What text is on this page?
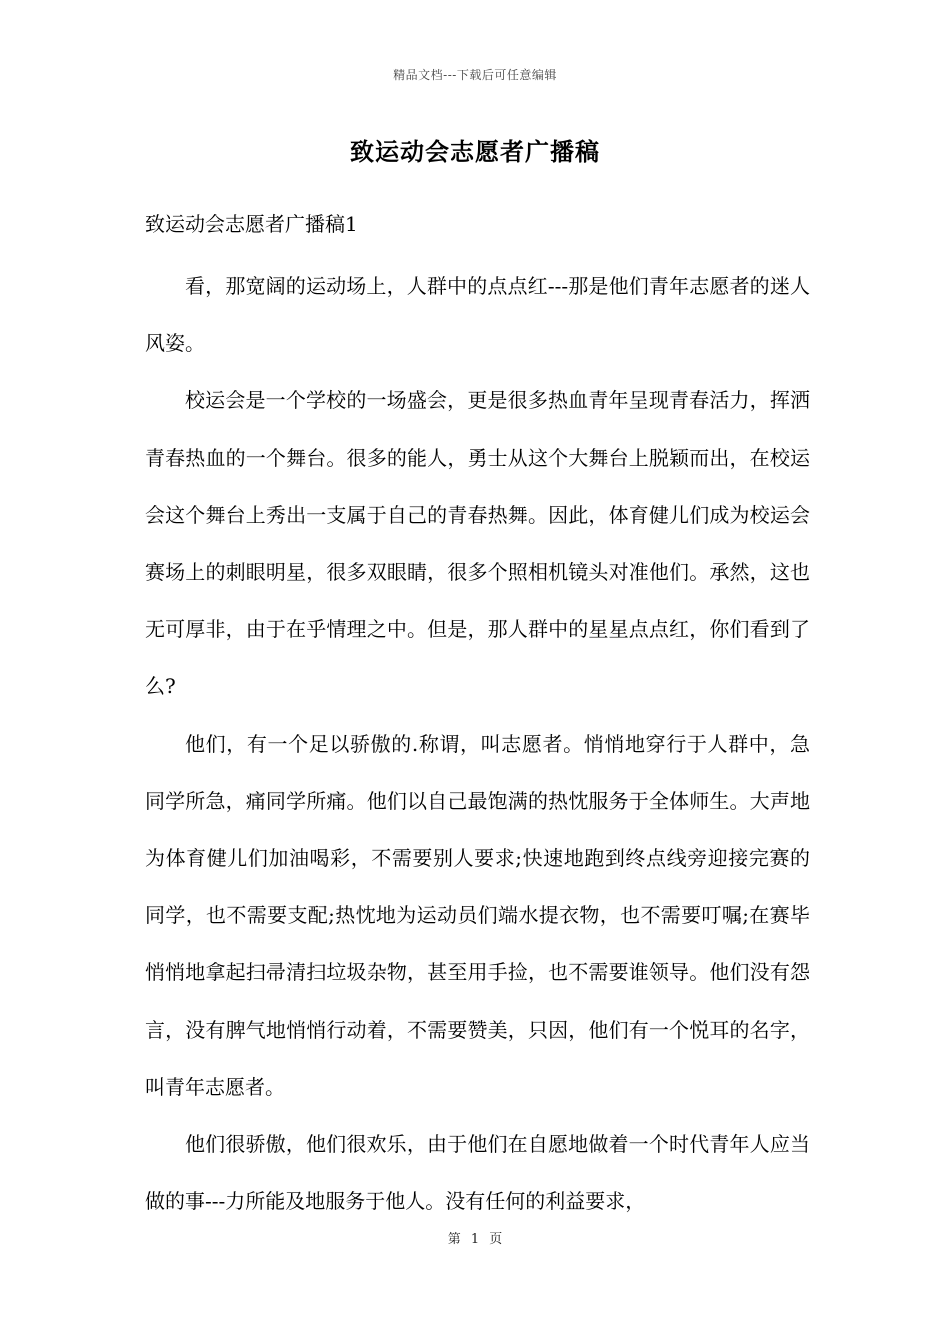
精品文档---下载后可任意编辑
致运动会志愿者广播稿
致运动会志愿者广播稿1

看，那宽阔的运动场上，人群中的点点红---那是他们青年志愿者的迷人风姿。

校运会是一个学校的一场盛会，更是很多热血青年呈现青春活力，挥洒青春热血的一个舞台。很多的能人，勇士从这个大舞台上脱颖而出，在校运会这个舞台上秀出一支属于自己的青春热舞。因此，体育健儿们成为校运会赛场上的刺眼明星，很多双眼睛，很多个照相机镜头对准他们。承然，这也无可厚非，由于在乎情理之中。但是，那人群中的星星点点红，你们看到了么?

他们，有一个足以骄傲的.称谓，叫志愿者。悄悄地穿行于人群中，急同学所急，痛同学所痛。他们以自己最饱满的热忱服务于全体师生。大声地为体育健儿们加油喝彩，不需要别人要求;快速地跑到终点线旁迎接完赛的同学，也不需要支配;热忱地为运动员们端水提衣物，也不需要叮嘱;在赛毕悄悄地拿起扫帚清扫垃圾杂物，甚至用手捡，也不需要谁领导。他们没有怨言，没有脾气地悄悄行动着，不需要赞美，只因，他们有一个悦耳的名字，叫青年志愿者。

他们很骄傲，他们很欢乐，由于他们在自愿地做着一个时代青年人应当做的事---力所能及地服务于他人。没有任何的利益要求，

第 1 页
